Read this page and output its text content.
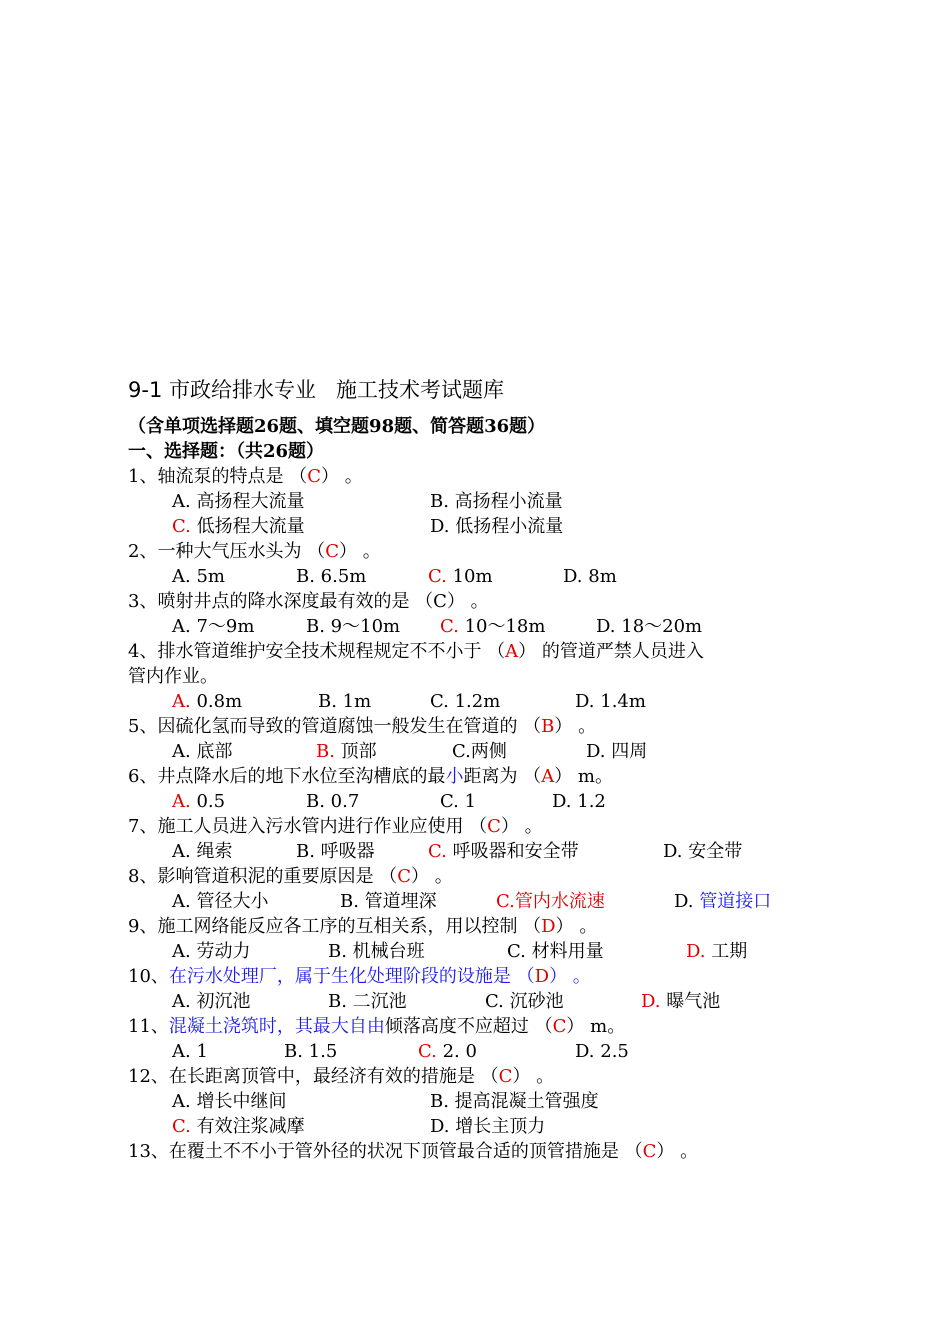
9-1 市政给排水专业   施工技术考试题库
（含单项选择题26题、填空题98题、简答题36题）
一、选择题：（共26题）
1、轴流泵的特点是 （C） 。
A. 高扬程大流量	B. 高扬程小流量
C. 低扬程大流量	D. 低扬程小流量
2、一种大气压水头为 （C） 。
A. 5m	B. 6.5m	C. 10m	D. 8m
3、喷射井点的降水深度最有效的是 （C） 。
A. 7～9m	B. 9～10m C. 10～18m	D. 18～20m
4、排水管道维护安全技术规程规定不不小于 （A） 的管道严禁人员进入
管内作业。
A. 0.8m	B. 1m	C. 1.2m	D. 1.4m
5、因硫化氢而导致的管道腐蚀一般发生在管道的 （B） 。
A. 底部	B. 顶部	C.两侧	D. 四周
6、井点降水后的地下水位至沟槽底的最小距离为 （A） m。
A. 0.5	B. 0.7	C. 1	D. 1.2
7、施工人员进入污水管内进行作业应使用 （C） 。
A. 绳索	B. 呼吸器	C. 呼吸器和安全带	D. 安全带
8、影响管道积泥的重要原因是 （C） 。
A. 管径大小	B. 管道埋深	C.管内水流速	D. 管道接口
9、施工网络能反应各工序的互相关系，用以控制 （D） 。
A. 劳动力	B. 机械台班	C. 材料用量	D. 工期
10、在污水处理厂，属于生化处理阶段的设施是 （D） 。
A. 初沉池	B. 二沉池	C. 沉砂池	D. 曝气池
11、混凝土浇筑时，其最大自由倾落高度不应超过 （C） m。
A. 1	B. 1.5	C. 2. 0	D. 2.5
12、在长距离顶管中，最经济有效的措施是 （C） 。
A. 增长中继间	B. 提高混凝土管强度
C. 有效注浆减摩	D. 增长主顶力
13、在覆土不不小于管外径的状况下顶管最合适的顶管措施是 （C） 。
